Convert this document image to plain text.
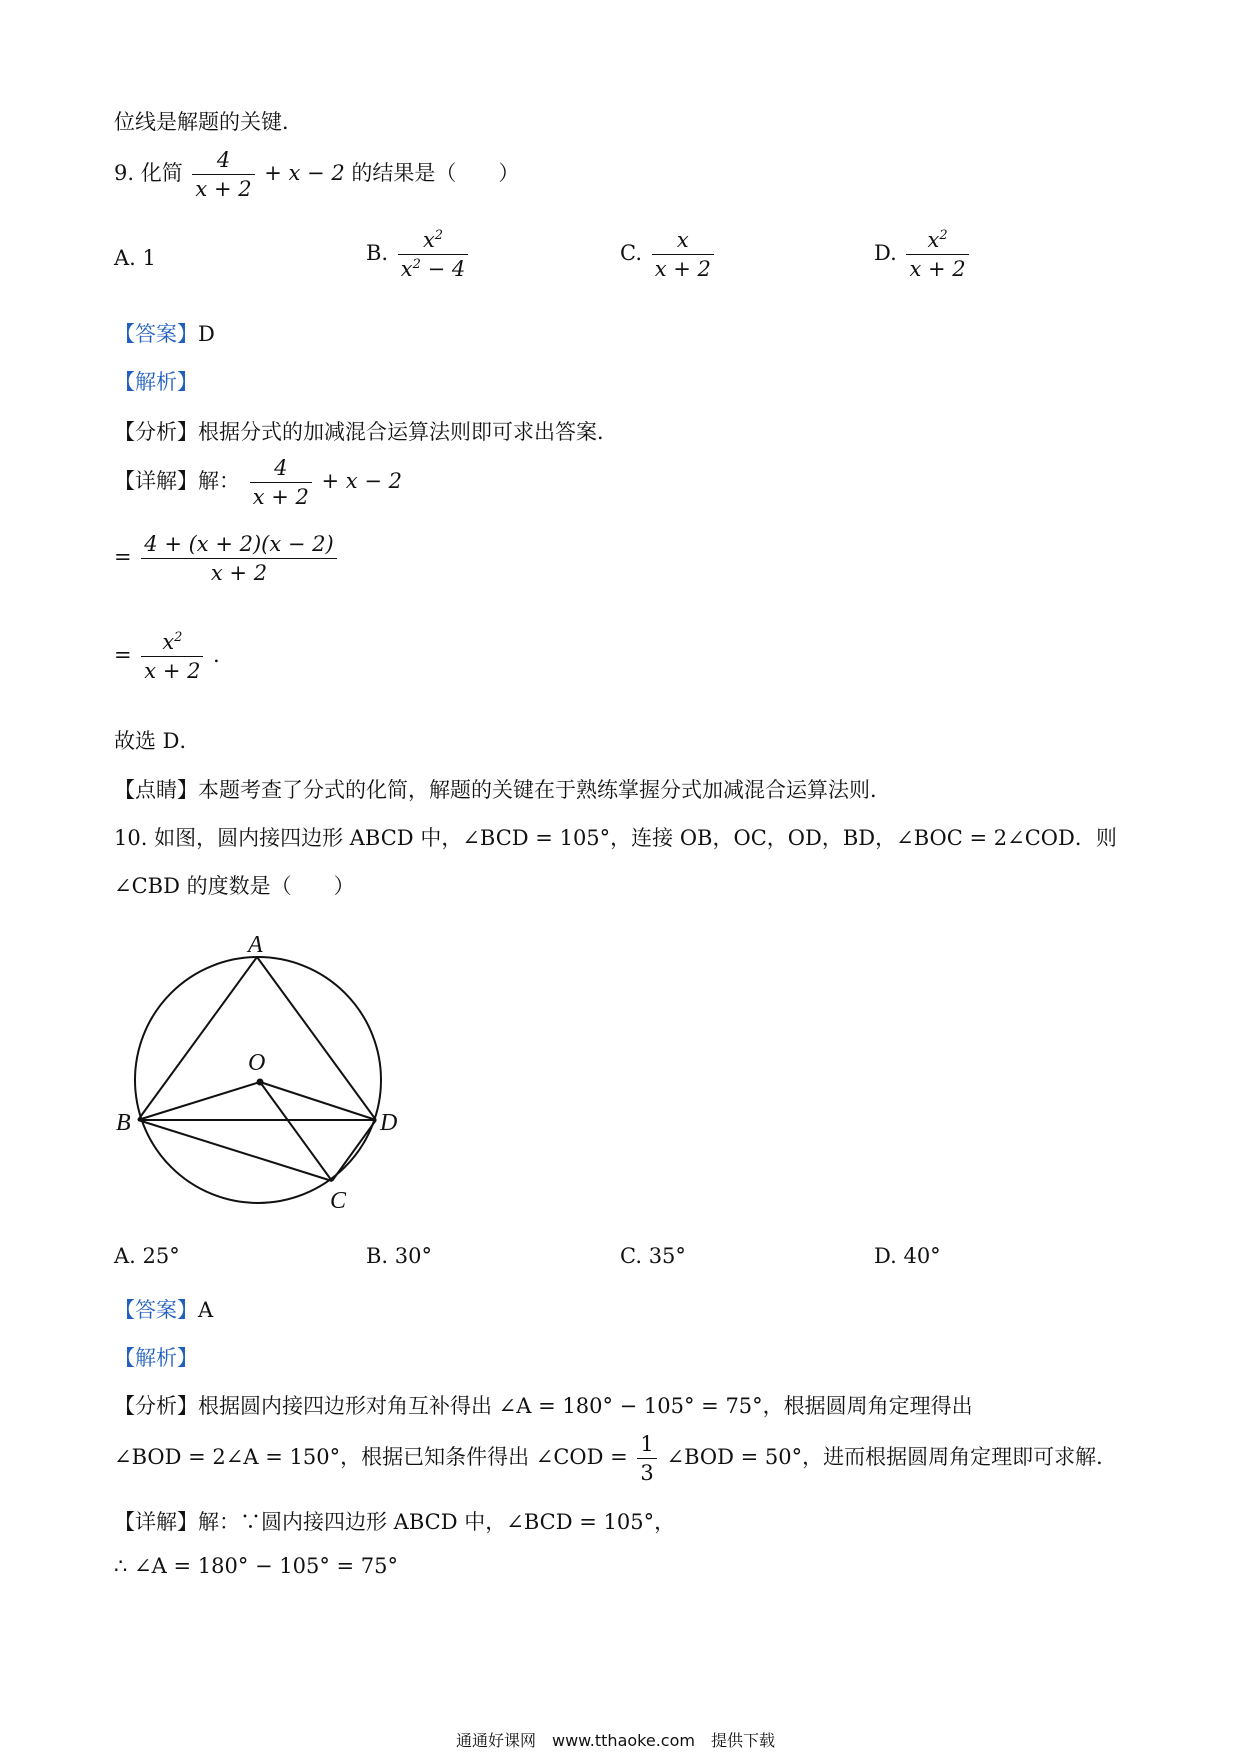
位线是解题的关键．
9. 化简 $\frac{4}{x + 2} + x - 2$ 的结果是（　　）
A. 1	B. $\frac{x^2}{x^2 - 4}$	C. $\frac{x}{x + 2}$	D. $\frac{x^2}{x + 2}$
【答案】D
【解析】
【分析】根据分式的加减混合运算法则即可求出答案．
【详解】解： $\frac{4}{x + 2} + x - 2$
= $\frac{4 + (x + 2)(x - 2)}{x + 2}$
= $\frac{x^2}{x + 2}$ ．
故选 D．
【点睛】本题考查了分式的化简，解题的关键在于熟练掌握分式加减混合运算法则．
10. 如图，圆内接四边形 ABCD 中，∠BCD = 105°，连接 OB，OC，OD，BD，∠BOC = 2∠COD．则
∠CBD 的度数是（　　）
A
B	D
C
O
A. 25°	B. 30°	C. 35°	D. 40°
【答案】A
【解析】
【分析】根据圆内接四边形对角互补得出 ∠A = 180° − 105° = 75°，根据圆周角定理得出
∠BOD = 2∠A = 150°，根据已知条件得出 ∠COD = $\frac{1}{3}$ ∠BOD = 50°，进而根据圆周角定理即可求解．
【详解】解：∵圆内接四边形 ABCD 中，∠BCD = 105°，
∴ ∠A = 180° − 105° = 75°
通通好课网　www.tthaoke.com　提供下载
